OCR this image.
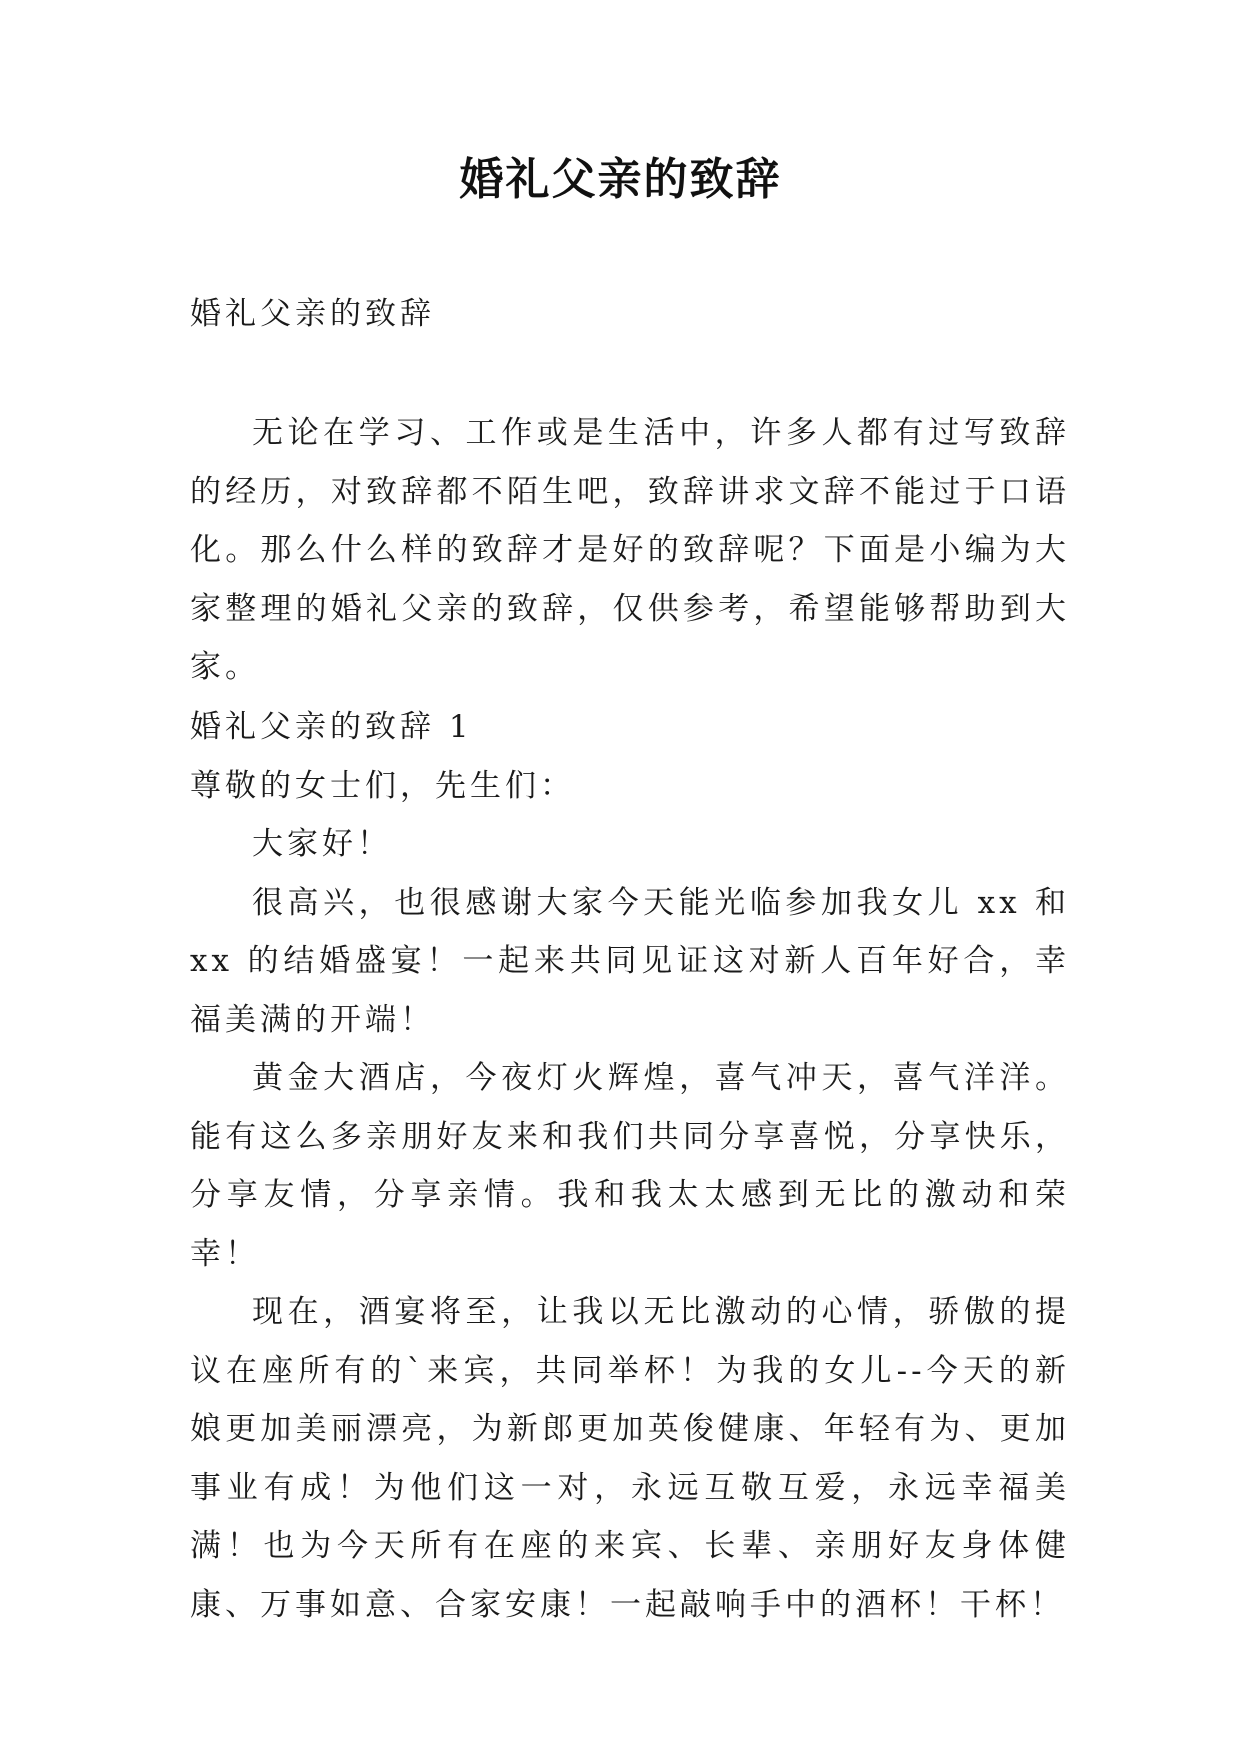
婚礼父亲的致辞
婚礼父亲的致辞
无论在学习、工作或是生活中，许多人都有过写致辞的经历，对致辞都不陌生吧，致辞讲求文辞不能过于口语化。那么什么样的致辞才是好的致辞呢？下面是小编为大家整理的婚礼父亲的致辞，仅供参考，希望能够帮助到大家。

婚礼父亲的致辞 1

尊敬的女士们，先生们：

大家好！

很高兴，也很感谢大家今天能光临参加我女儿 xx 和 xx 的结婚盛宴！一起来共同见证这对新人百年好合，幸福美满的开端！

黄金大酒店，今夜灯火辉煌，喜气冲天，喜气洋洋。能有这么多亲朋好友来和我们共同分享喜悦，分享快乐，分享友情，分享亲情。我和我太太感到无比的激动和荣幸！

现在，酒宴将至，让我以无比激动的心情，骄傲的提议在座所有的`来宾，共同举杯！为我的女儿--今天的新娘更加美丽漂亮，为新郎更加英俊健康、年轻有为、更加事业有成！为他们这一对，永远互敬互爱，永远幸福美满！也为今天所有在座的来宾、长辈、亲朋好友身体健康、万事如意、合家安康！一起敲响手中的酒杯！干杯！
